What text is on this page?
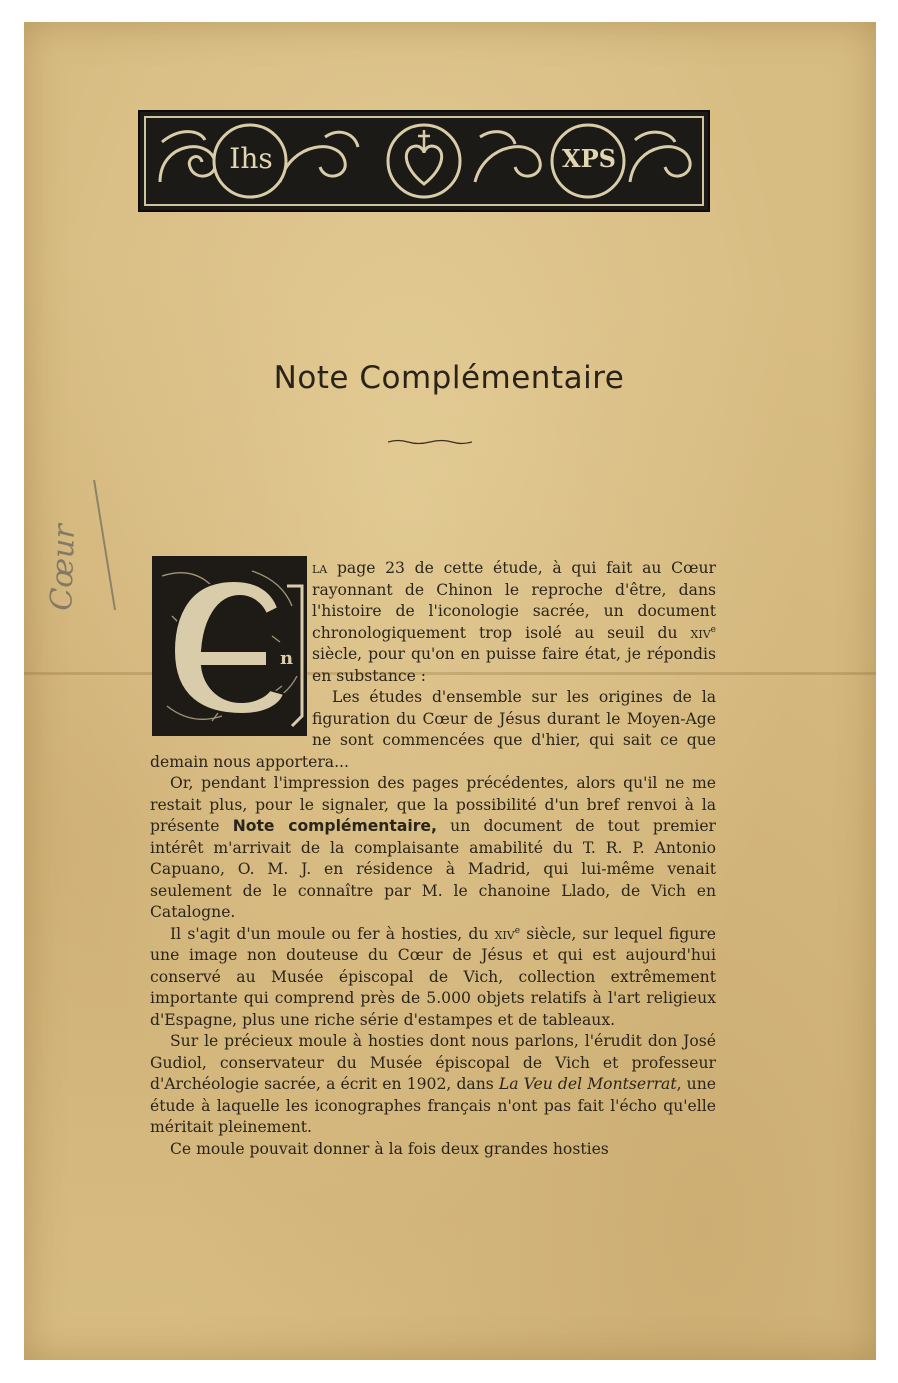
Ihs	XPS
Cœur
Note Complémentaire
n

la page 23 de cette étude, à qui fait au Cœur rayonnant de Chinon le reproche d'être, dans l'histoire de l'iconologie sacrée, un document chronologiquement trop isolé au seuil du xiv$^e$ siècle, pour qu'on en puisse faire état, je répondis en substance :

Les études d'ensemble sur les origines de la figuration du Cœur de Jésus durant le Moyen-Age ne sont commencées que d'hier, qui sait ce que demain nous apportera...

Or, pendant l'impression des pages précédentes, alors qu'il ne me restait plus, pour le signaler, que la possibilité d'un bref renvoi à la présente Note complémentaire, un document de tout premier intérêt m'arrivait de la complaisante amabilité du T. R. P. Antonio Capuano, O. M. J. en résidence à Madrid, qui lui-même venait seulement de le connaître par M. le chanoine Llado, de Vich en Catalogne.

Il s'agit d'un moule ou fer à hosties, du xiv$^e$ siècle, sur lequel figure une image non douteuse du Cœur de Jésus et qui est aujourd'hui conservé au Musée épiscopal de Vich, collection extrêmement importante qui comprend près de 5.000 objets relatifs à l'art religieux d'Espagne, plus une riche série d'estampes et de tableaux.

Sur le précieux moule à hosties dont nous parlons, l'érudit don José Gudiol, conservateur du Musée épiscopal de Vich et professeur d'Archéologie sacrée, a écrit en 1902, dans La Veu del Montserrat, une étude à laquelle les iconographes français n'ont pas fait l'écho qu'elle méritait pleinement.

Ce moule pouvait donner à la fois deux grandes hosties
